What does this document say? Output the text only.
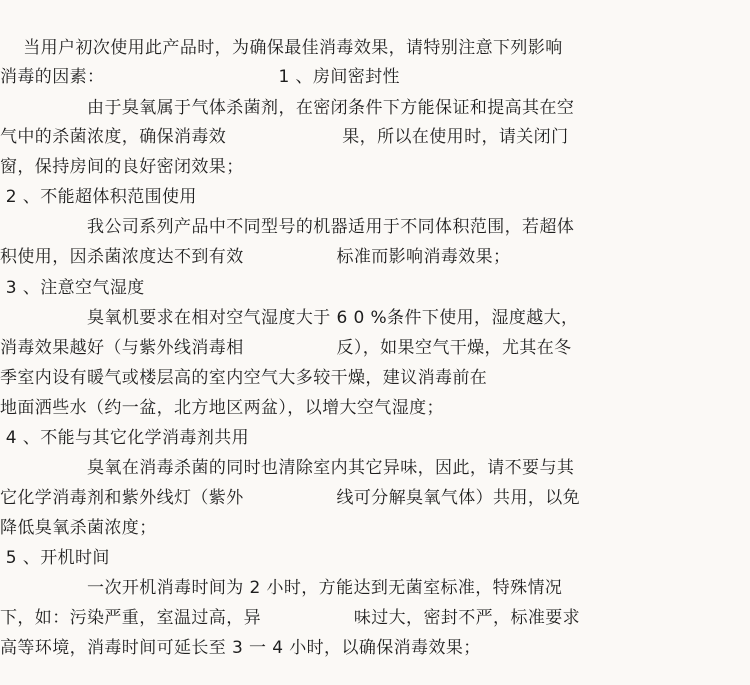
当用户初次使用此产品时，为确保最佳消毒效果，请特别注意下列影响
消毒的因素：                              1 、房间密封性
由于臭氧属于气体杀菌剂，在密闭条件下方能保证和提高其在空
气中的杀菌浓度，确保消毒效                    果，所以在使用时，请关闭门
窗，保持房间的良好密闭效果；
2 、不能超体积范围使用
我公司系列产品中不同型号的机器适用于不同体积范围，若超体
积使用，因杀菌浓度达不到有效                标准而影响消毒效果；
3 、注意空气湿度
臭氧机要求在相对空气湿度大于 6 0 %条件下使用，湿度越大，
消毒效果越好（与紫外线消毒相                反），如果空气干燥，尤其在冬
季室内设有暖气或楼层高的室内空气大多较干燥，建议消毒前在
地面洒些水（约一盆，北方地区两盆），以增大空气湿度；
4 、不能与其它化学消毒剂共用
臭氧在消毒杀菌的同时也清除室内其它异味，因此，请不要与其
它化学消毒剂和紫外线灯（紫外                线可分解臭氧气体）共用，以免
降低臭氧杀菌浓度；
5 、开机时间
一次开机消毒时间为 2 小时，方能达到无菌室标准，特殊情况
下，如：污染严重，室温过高，异                味过大，密封不严，标准要求
高等环境，消毒时间可延长至 3 一 4 小时，以确保消毒效果；
